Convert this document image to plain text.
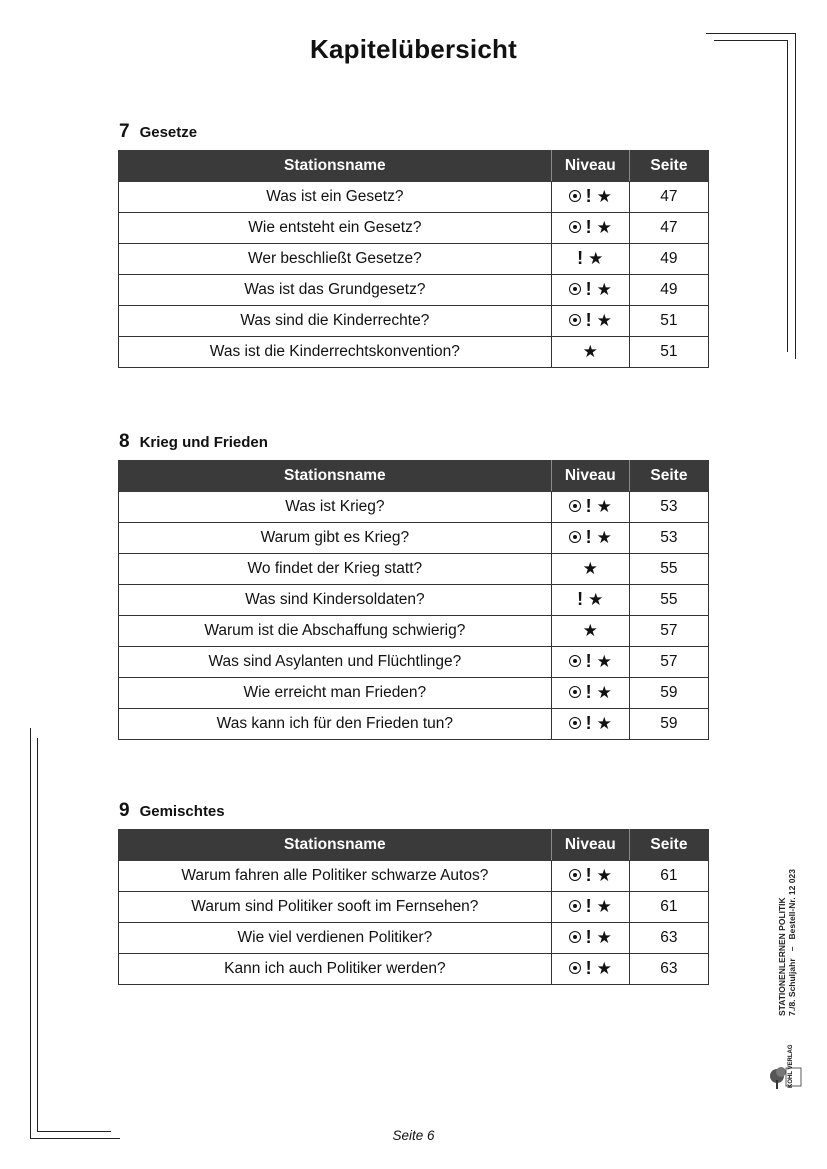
Kapitelübersicht
7 Gesetze
Stationsname	Niveau	Seite
Was ist ein Gesetz?	! ★	47
Wie entsteht ein Gesetz?	! ★	47
Wer beschließt Gesetze?	! ★	49
Was ist das Grundgesetz?	! ★	49
Was sind die Kinderrechte?	! ★	51
Was ist die Kinderrechtskonvention?	★	51
8 Krieg und Frieden
Stationsname	Niveau	Seite
Was ist Krieg?	! ★	53
Warum gibt es Krieg?	! ★	53
Wo findet der Krieg statt?	★	55
Was sind Kindersoldaten?	! ★	55
Warum ist die Abschaffung schwierig?	★	57
Was sind Asylanten und Flüchtlinge?	! ★	57
Wie erreicht man Frieden?	! ★	59
Was kann ich für den Frieden tun?	! ★	59
9 Gemischtes
Stationsname	Niveau	Seite
Warum fahren alle Politiker schwarze Autos?	! ★	61
Warum sind Politiker sooft im Fernsehen?	! ★	61
Wie viel verdienen Politiker?	! ★	63
Kann ich auch Politiker werden?	! ★	63	STATIONENLERNEN POLITIK 7./8. Schuljahr   –   Bestell-Nr. 12 023
KOHL VERLAG
Seite 6
